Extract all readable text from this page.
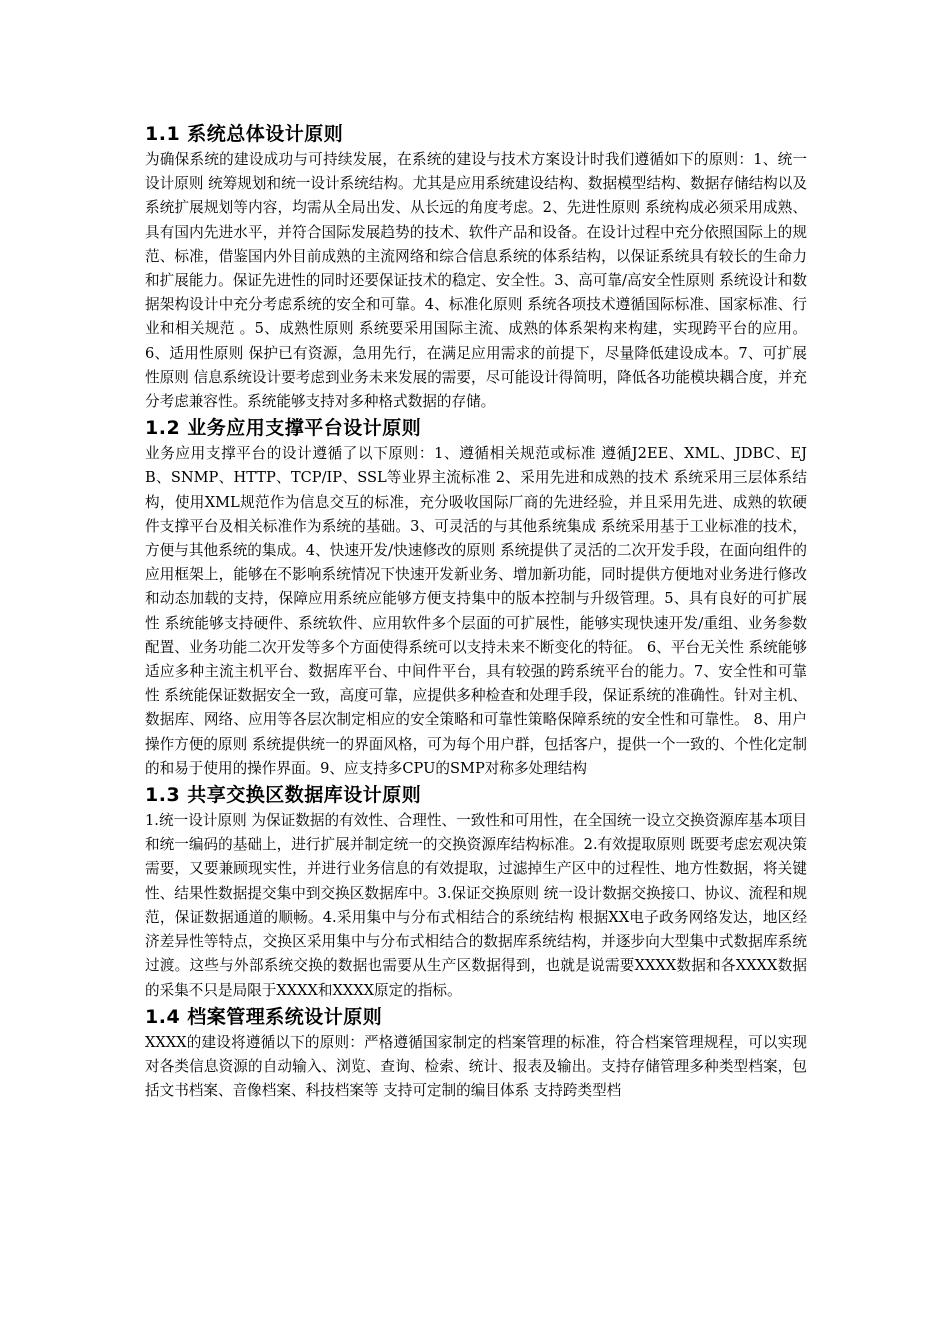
1.1 系统总体设计原则

为确保系统的建设成功与可持续发展，在系统的建设与技术方案设计时我们遵循如下的原则：1、统一设计原则 统筹规划和统一设计系统结构。尤其是应用系统建设结构、数据模型结构、数据存储结构以及系统扩展规划等内容，均需从全局出发、从长远的角度考虑。2、先进性原则 系统构成必须采用成熟、具有国内先进水平，并符合国际发展趋势的技术、软件产品和设备。在设计过程中充分依照国际上的规范、标准，借鉴国内外目前成熟的主流网络和综合信息系统的体系结构，以保证系统具有较长的生命力和扩展能力。保证先进性的同时还要保证技术的稳定、安全性。3、高可靠/高安全性原则 系统设计和数据架构设计中充分考虑系统的安全和可靠。4、标准化原则 系统各项技术遵循国际标准、国家标准、行业和相关规范 。5、成熟性原则 系统要采用国际主流、成熟的体系架构来构建，实现跨平台的应用。6、适用性原则 保护已有资源，急用先行，在满足应用需求的前提下，尽量降低建设成本。7、可扩展性原则 信息系统设计要考虑到业务未来发展的需要，尽可能设计得简明，降低各功能模块耦合度，并充分考虑兼容性。系统能够支持对多种格式数据的存储。

1.2 业务应用支撑平台设计原则

业务应用支撑平台的设计遵循了以下原则：1、遵循相关规范或标准 遵循J2EE、XML、JDBC、EJB、SNMP、HTTP、TCP/IP、SSL等业界主流标准 2、采用先进和成熟的技术 系统采用三层体系结构，使用XML规范作为信息交互的标准，充分吸收国际厂商的先进经验，并且采用先进、成熟的软硬件支撑平台及相关标准作为系统的基础。3、可灵活的与其他系统集成 系统采用基于工业标准的技术，方便与其他系统的集成。4、快速开发/快速修改的原则 系统提供了灵活的二次开发手段，在面向组件的应用框架上，能够在不影响系统情况下快速开发新业务、增加新功能，同时提供方便地对业务进行修改和动态加载的支持，保障应用系统应能够方便支持集中的版本控制与升级管理。5、具有良好的可扩展性 系统能够支持硬件、系统软件、应用软件多个层面的可扩展性，能够实现快速开发/重组、业务参数配置、业务功能二次开发等多个方面使得系统可以支持未来不断变化的特征。 6、平台无关性 系统能够适应多种主流主机平台、数据库平台、中间件平台，具有较强的跨系统平台的能力。7、安全性和可靠性 系统能保证数据安全一致，高度可靠，应提供多种检查和处理手段，保证系统的准确性。针对主机、数据库、网络、应用等各层次制定相应的安全策略和可靠性策略保障系统的安全性和可靠性。 8、用户操作方便的原则 系统提供统一的界面风格，可为每个用户群，包括客户，提供一个一致的、个性化定制的和易于使用的操作界面。9、应支持多CPU的SMP对称多处理结构

1.3 共享交换区数据库设计原则

1.统一设计原则 为保证数据的有效性、合理性、一致性和可用性，在全国统一设立交换资源库基本项目和统一编码的基础上，进行扩展并制定统一的交换资源库结构标准。2.有效提取原则 既要考虑宏观决策需要，又要兼顾现实性，并进行业务信息的有效提取，过滤掉生产区中的过程性、地方性数据，将关键性、结果性数据提交集中到交换区数据库中。3.保证交换原则 统一设计数据交换接口、协议、流程和规范，保证数据通道的顺畅。4.采用集中与分布式相结合的系统结构 根据XX电子政务网络发达，地区经济差异性等特点，交换区采用集中与分布式相结合的数据库系统结构，并逐步向大型集中式数据库系统过渡。这些与外部系统交换的数据也需要从生产区数据得到，也就是说需要XXXX数据和各XXXX数据的采集不只是局限于XXXX和XXXX原定的指标。

1.4 档案管理系统设计原则

XXXX的建设将遵循以下的原则：严格遵循国家制定的档案管理的标准，符合档案管理规程，可以实现对各类信息资源的自动输入、浏览、查询、检索、统计、报表及输出。支持存储管理多种类型档案，包括文书档案、音像档案、科技档案等 支持可定制的编目体系 支持跨类型档
